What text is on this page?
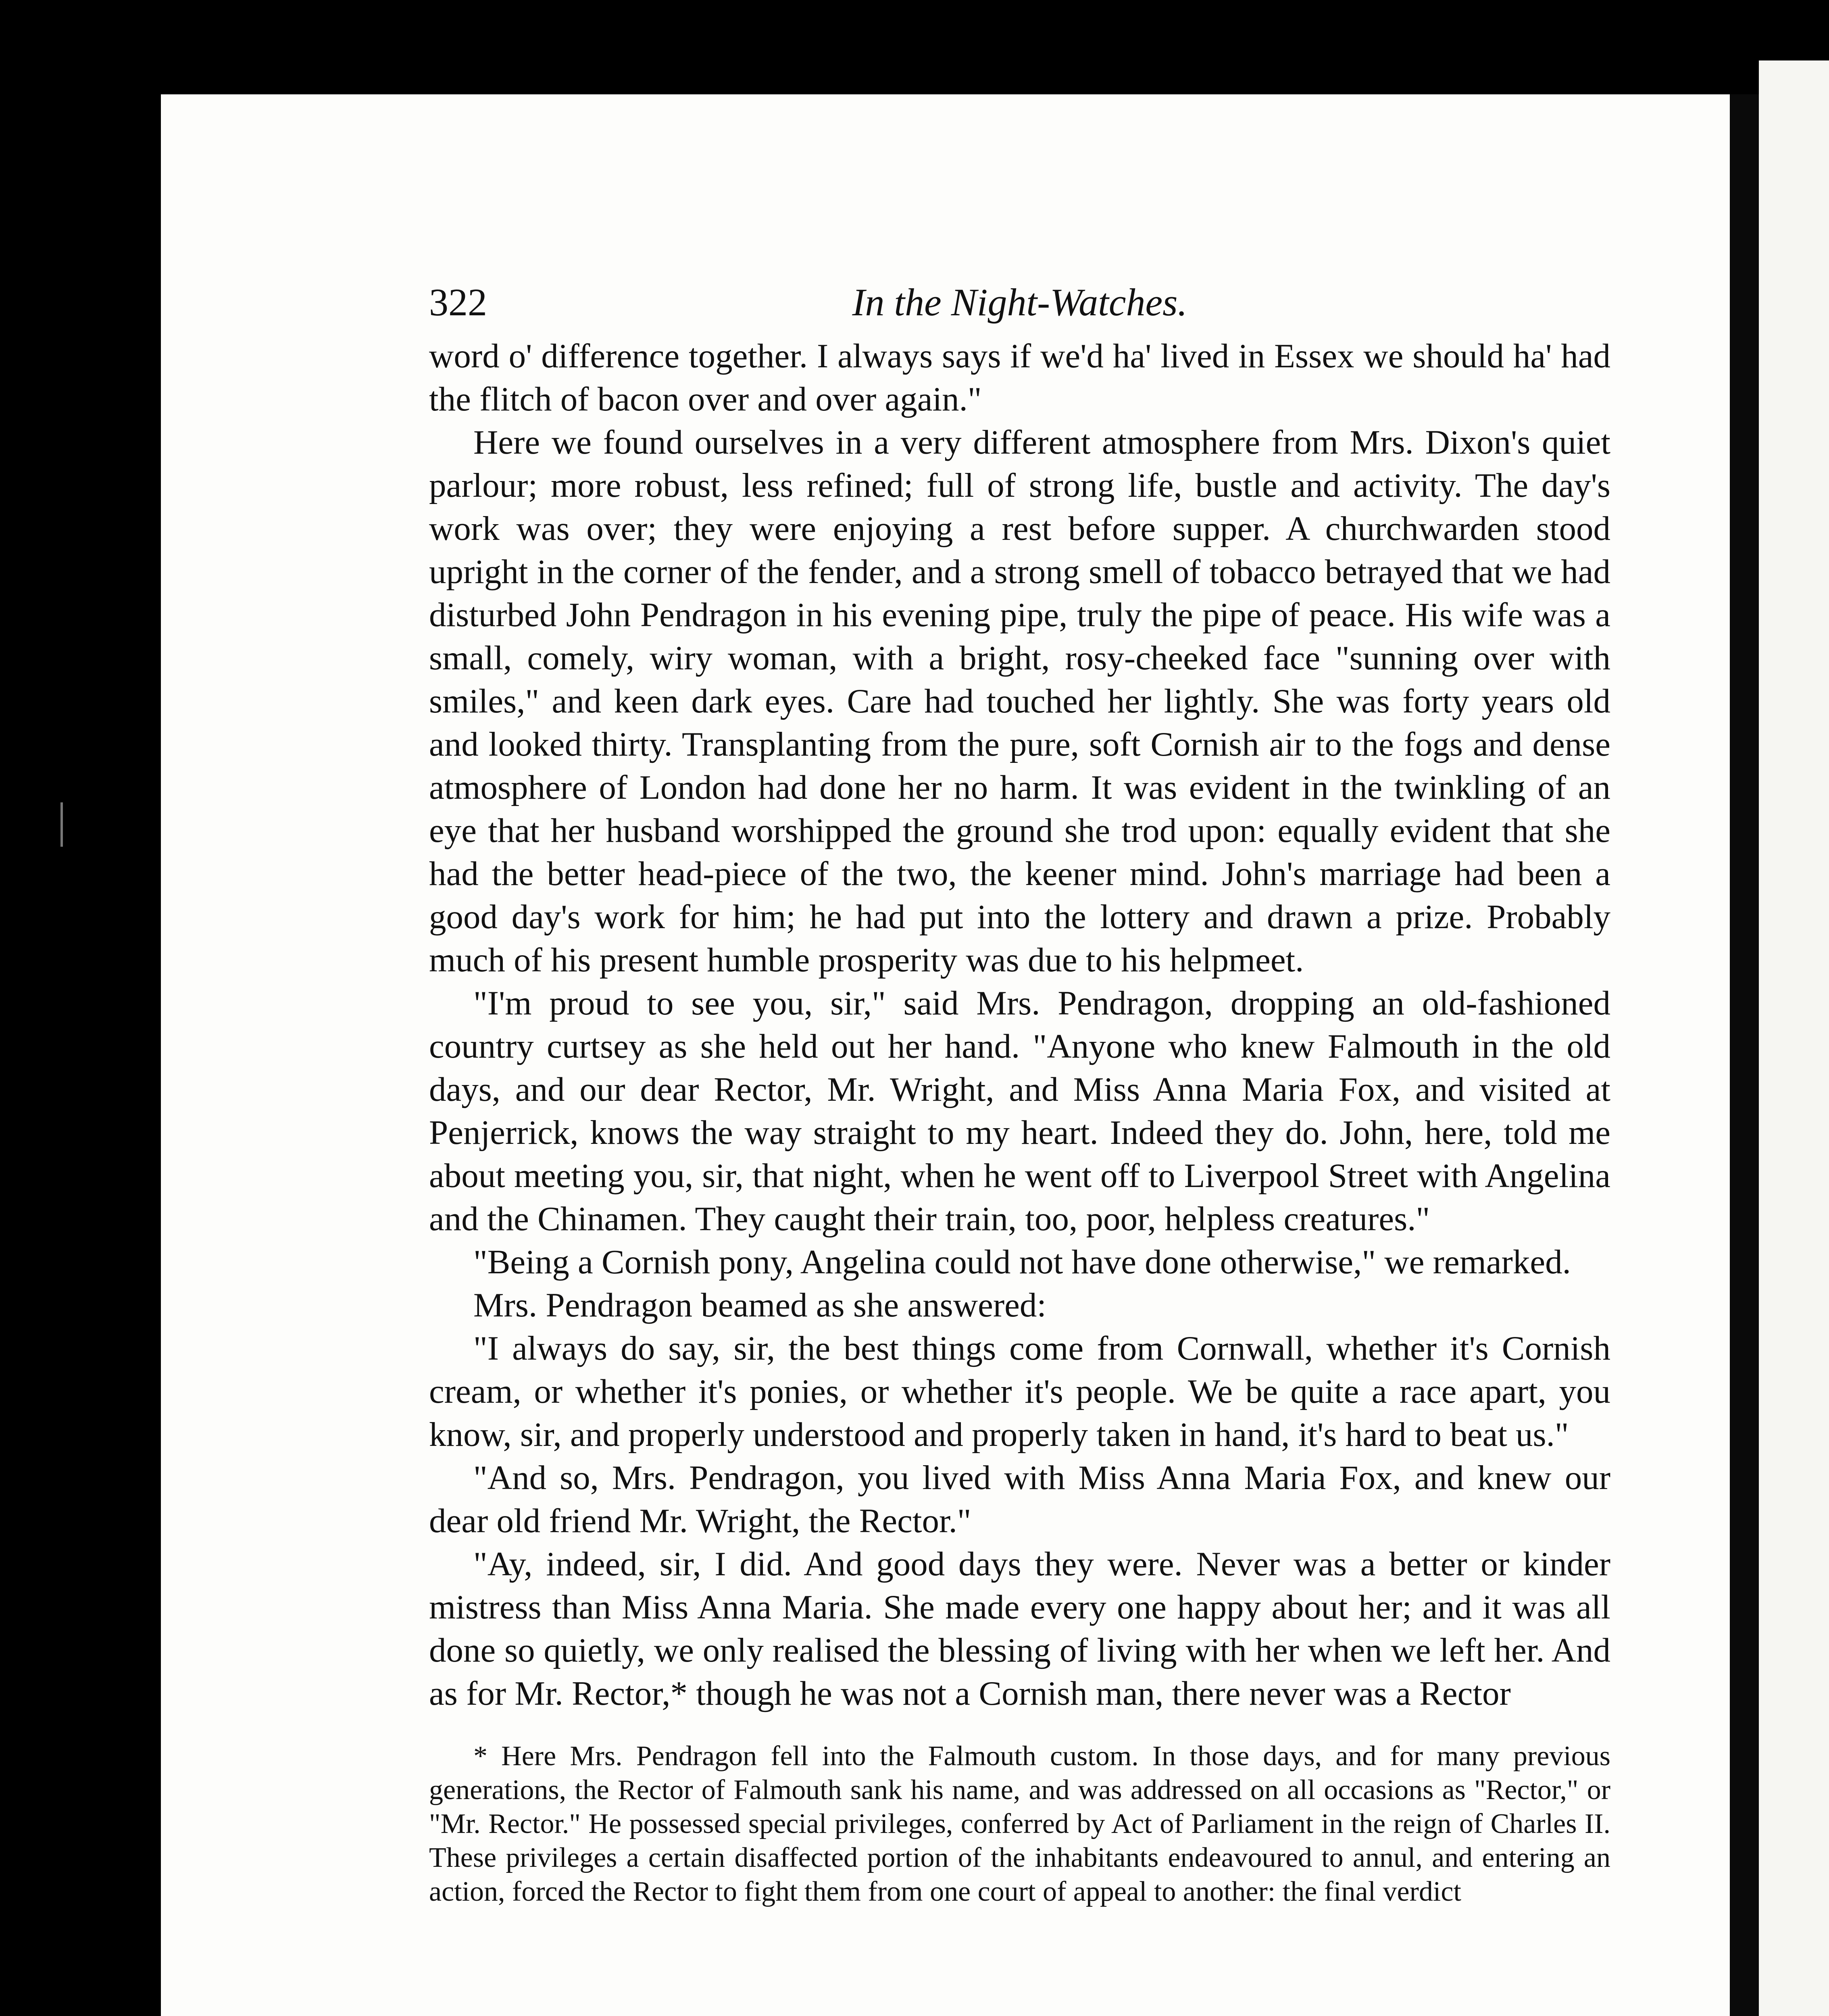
322	In the Night-Watches.

word o' difference together. I always says if we'd ha' lived in Essex we should ha' had the flitch of bacon over and over again."

Here we found ourselves in a very different atmosphere from Mrs. Dixon's quiet parlour; more robust, less refined; full of strong life, bustle and activity. The day's work was over; they were enjoying a rest before supper. A churchwarden stood upright in the corner of the fender, and a strong smell of tobacco betrayed that we had disturbed John Pendragon in his evening pipe, truly the pipe of peace. His wife was a small, comely, wiry woman, with a bright, rosy-cheeked face "sunning over with smiles," and keen dark eyes. Care had touched her lightly. She was forty years old and looked thirty. Transplanting from the pure, soft Cornish air to the fogs and dense atmosphere of London had done her no harm. It was evident in the twinkling of an eye that her husband worshipped the ground she trod upon: equally evident that she had the better head-piece of the two, the keener mind. John's marriage had been a good day's work for him; he had put into the lottery and drawn a prize. Probably much of his present humble prosperity was due to his helpmeet.

"I'm proud to see you, sir," said Mrs. Pendragon, dropping an old-fashioned country curtsey as she held out her hand. "Anyone who knew Falmouth in the old days, and our dear Rector, Mr. Wright, and Miss Anna Maria Fox, and visited at Penjerrick, knows the way straight to my heart. Indeed they do. John, here, told me about meeting you, sir, that night, when he went off to Liverpool Street with Angelina and the Chinamen. They caught their train, too, poor, helpless creatures."

"Being a Cornish pony, Angelina could not have done otherwise," we remarked.

Mrs. Pendragon beamed as she answered:

"I always do say, sir, the best things come from Cornwall, whether it's Cornish cream, or whether it's ponies, or whether it's people. We be quite a race apart, you know, sir, and properly understood and properly taken in hand, it's hard to beat us."

"And so, Mrs. Pendragon, you lived with Miss Anna Maria Fox, and knew our dear old friend Mr. Wright, the Rector."

"Ay, indeed, sir, I did. And good days they were. Never was a better or kinder mistress than Miss Anna Maria. She made every one happy about her; and it was all done so quietly, we only realised the blessing of living with her when we left her. And as for Mr. Rector,* though he was not a Cornish man, there never was a Rector

* Here Mrs. Pendragon fell into the Falmouth custom. In those days, and for many previous generations, the Rector of Falmouth sank his name, and was addressed on all occasions as "Rector," or "Mr. Rector." He possessed special privileges, conferred by Act of Parliament in the reign of Charles II. These privileges a certain disaffected portion of the inhabitants endeavoured to annul, and entering an action, forced the Rector to fight them from one court of appeal to another: the final verdict
